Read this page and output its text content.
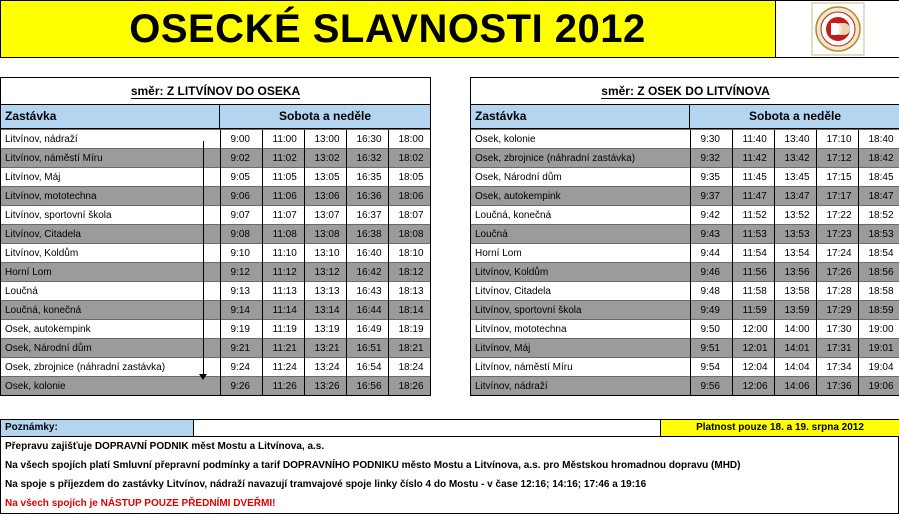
OSECKÉ SLAVNOSTI 2012
směr: Z LITVÍNOV DO OSEKA
Zastávka	Sobota a neděle
Litvínov, nádraží		9:00	11:00	13:00	16:30	18:00
Litvínov, náměstí Míru		9:02	11:02	13:02	16:32	18:02
Litvínov, Máj		9:05	11:05	13:05	16:35	18:05
Litvínov, mototechna		9:06	11:06	13:06	16:36	18:06
Litvínov, sportovní škola		9:07	11:07	13:07	16:37	18:07
Litvínov, Citadela		9:08	11:08	13:08	16:38	18:08
Litvínov, Koldům		9:10	11:10	13:10	16:40	18:10
Horní Lom		9:12	11:12	13:12	16:42	18:12
Loučná		9:13	11:13	13:13	16:43	18:13
Loučná, konečná		9:14	11:14	13:14	16:44	18:14
Osek, autokempink		9:19	11:19	13:19	16:49	18:19
Osek, Národní dům		9:21	11:21	13:21	16:51	18:21
Osek, zbrojnice (náhradní zastávka)		9:24	11:24	13:24	16:54	18:24
Osek, kolonie		9:26	11:26	13:26	16:56	18:26
směr: Z OSEK DO LITVÍNOVA
Zastávka	Sobota a neděle
Osek, kolonie		9:30	11:40	13:40	17:10	18:40
Osek, zbrojnice (náhradní zastávka)		9:32	11:42	13:42	17:12	18:42
Osek, Národní dům		9:35	11:45	13:45	17:15	18:45
Osek, autokempink		9:37	11:47	13:47	17:17	18:47
Loučná, konečná		9:42	11:52	13:52	17:22	18:52
Loučná		9:43	11:53	13:53	17:23	18:53
Horní Lom		9:44	11:54	13:54	17:24	18:54
Litvínov, Koldům		9:46	11:56	13:56	17:26	18:56
Litvínov, Citadela		9:48	11:58	13:58	17:28	18:58
Litvínov, sportovní škola		9:49	11:59	13:59	17:29	18:59
Litvínov, mototechna		9:50	12:00	14:00	17:30	19:00
Litvínov, Máj		9:51	12:01	14:01	17:31	19:01
Litvínov, náměstí Míru		9:54	12:04	14:04	17:34	19:04
Litvínov, nádraží		9:56	12:06	14:06	17:36	19:06
Poznámky:	Platnost pouze 18. a 19. srpna 2012
Přepravu zajišťuje DOPRAVNÍ PODNIK měst Mostu a Litvínova, a.s.
Na všech spojích platí Smluvní přepravní podmínky a tarif DOPRAVNÍHO PODNIKU město Mostu a Litvínova, a.s. pro Městskou hromadnou dopravu (MHD)
Na spoje s příjezdem do zastávky Litvínov, nádraží navazují tramvajové spoje linky číslo 4 do Mostu - v čase 12:16; 14:16; 17:46 a 19:16
Na všech spojích je NÁSTUP POUZE PŘEDNÍMI DVEŘMI!
